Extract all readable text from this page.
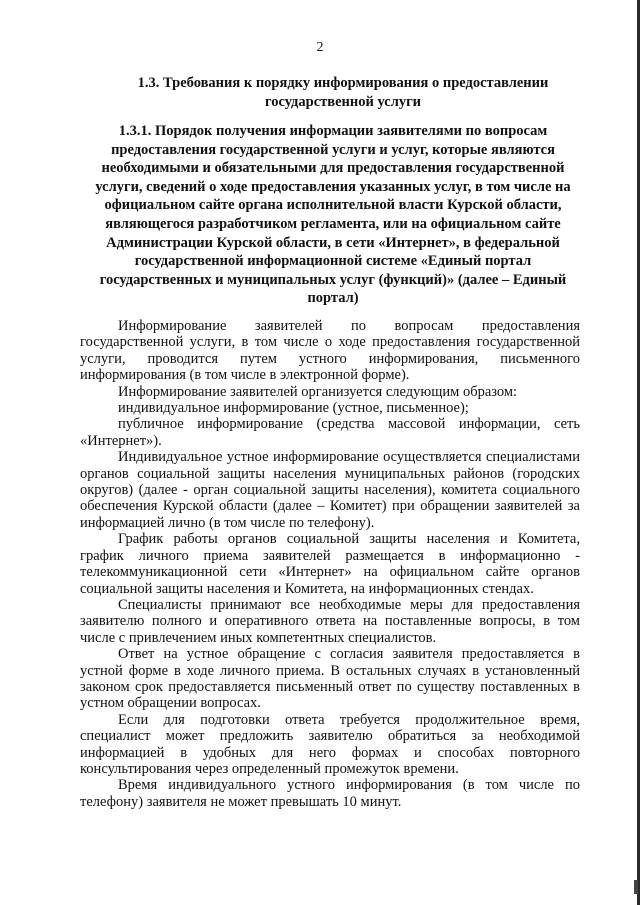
2
1.3. Требования к порядку информирования о предоставлении государственной услуги
1.3.1. Порядок получения информации заявителями по вопросам предоставления государственной услуги и услуг, которые являются необходимыми и обязательными для предоставления государственной услуги, сведений о ходе предоставления указанных услуг, в том числе на официальном сайте органа исполнительной власти Курской области, являющегося разработчиком регламента, или на официальном сайте Администрации Курской области, в сети «Интернет», в федеральной государственной информационной системе «Единый портал государственных и муниципальных услуг (функций)» (далее – Единый портал)

Информирование заявителей по вопросам предоставления государственной услуги, в том числе о ходе предоставления государственной услуги, проводится путем устного информирования, письменного информирования (в том числе в электронной форме).

Информирование заявителей организуется следующим образом:

индивидуальное информирование (устное, письменное);

публичное информирование (средства массовой информации, сеть «Интернет»).

Индивидуальное устное информирование осуществляется специалистами органов социальной защиты населения муниципальных районов (городских округов) (далее - орган социальной защиты населения), комитета социального обеспечения Курской области (далее – Комитет) при обращении заявителей за информацией лично (в том числе по телефону).

График работы органов социальной защиты населения и Комитета, график личного приема заявителей размещается в информационно - телекоммуникационной сети «Интернет» на официальном сайте органов социальной защиты населения и Комитета, на информационных стендах.

Специалисты принимают все необходимые меры для предоставления заявителю полного и оперативного ответа на поставленные вопросы, в том числе с привлечением иных компетентных специалистов.

Ответ на устное обращение с согласия заявителя предоставляется в устной форме в ходе личного приема. В остальных случаях в установленный законом срок предоставляется письменный ответ по существу поставленных в устном обращении вопросах.

Если для подготовки ответа требуется продолжительное время, специалист может предложить заявителю обратиться за необходимой информацией в удобных для него формах и способах повторного консультирования через определенный промежуток времени.

Время индивидуального устного информирования (в том числе по телефону) заявителя не может превышать 10 минут.
